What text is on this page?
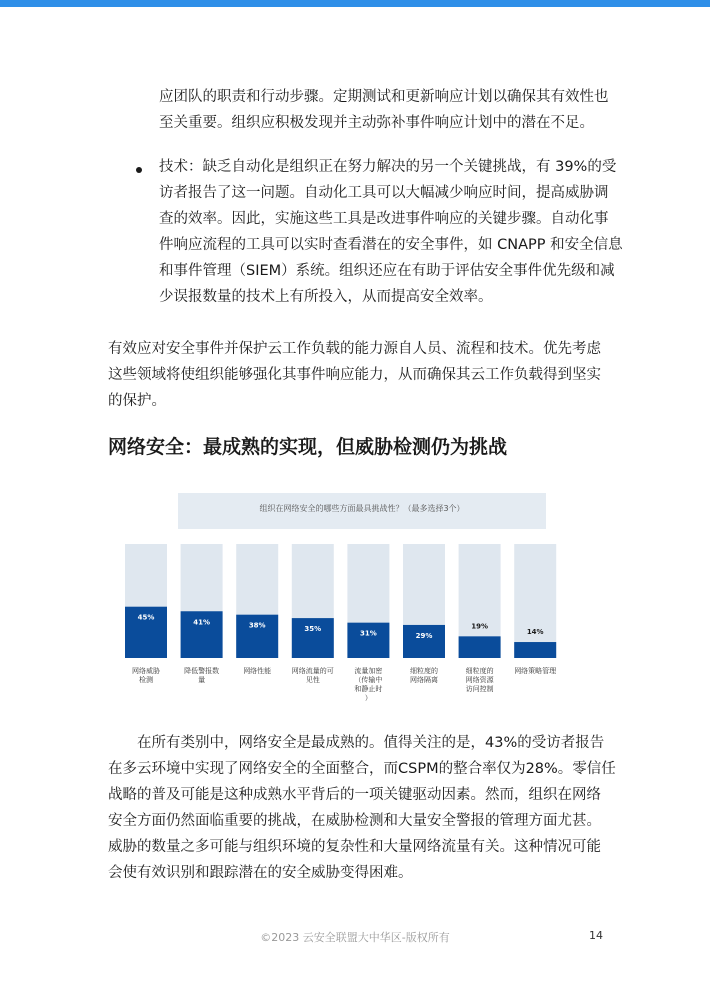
应团队的职责和行动步骤。定期测试和更新响应计划以确保其有效性也
至关重要。组织应积极发现并主动弥补事件响应计划中的潜在不足。
技术：缺乏自动化是组织正在努力解决的另一个关键挑战，有 39%的受
访者报告了这一问题。自动化工具可以大幅减少响应时间，提高威胁调
查的效率。因此，实施这些工具是改进事件响应的关键步骤。自动化事
件响应流程的工具可以实时查看潜在的安全事件，如 CNAPP 和安全信息
和事件管理（SIEM）系统。组织还应在有助于评估安全事件优先级和减
少误报数量的技术上有所投入，从而提高安全效率。
有效应对安全事件并保护云工作负载的能力源自人员、流程和技术。优先考虑
这些领域将使组织能够强化其事件响应能力，从而确保其云工作负载得到坚实
的保护。
网络安全：最成熟的实现，但威胁检测仍为挑战
组织在网络安全的哪些方面最具挑战性？（最多选择3个）
45%
41%	38%	35%
31%	29%
19%
14%
网络威胁
检测
降低警报数
量
网络性能	网络流量的可
见性
流量加密
（传输中
和静止时
）
细粒度的
网络隔离
细粒度的
网络资源
访问控制
网络策略管理
在所有类别中，网络安全是最成熟的。值得关注的是，43%的受访者报告
在多云环境中实现了网络安全的全面整合，而CSPM的整合率仅为28%。零信任
战略的普及可能是这种成熟水平背后的一项关键驱动因素。然而，组织在网络
安全方面仍然面临重要的挑战，在威胁检测和大量安全警报的管理方面尤甚。
威胁的数量之多可能与组织环境的复杂性和大量网络流量有关。这种情况可能
会使有效识别和跟踪潜在的安全威胁变得困难。
©2023 云安全联盟大中华区-版权所有	14
